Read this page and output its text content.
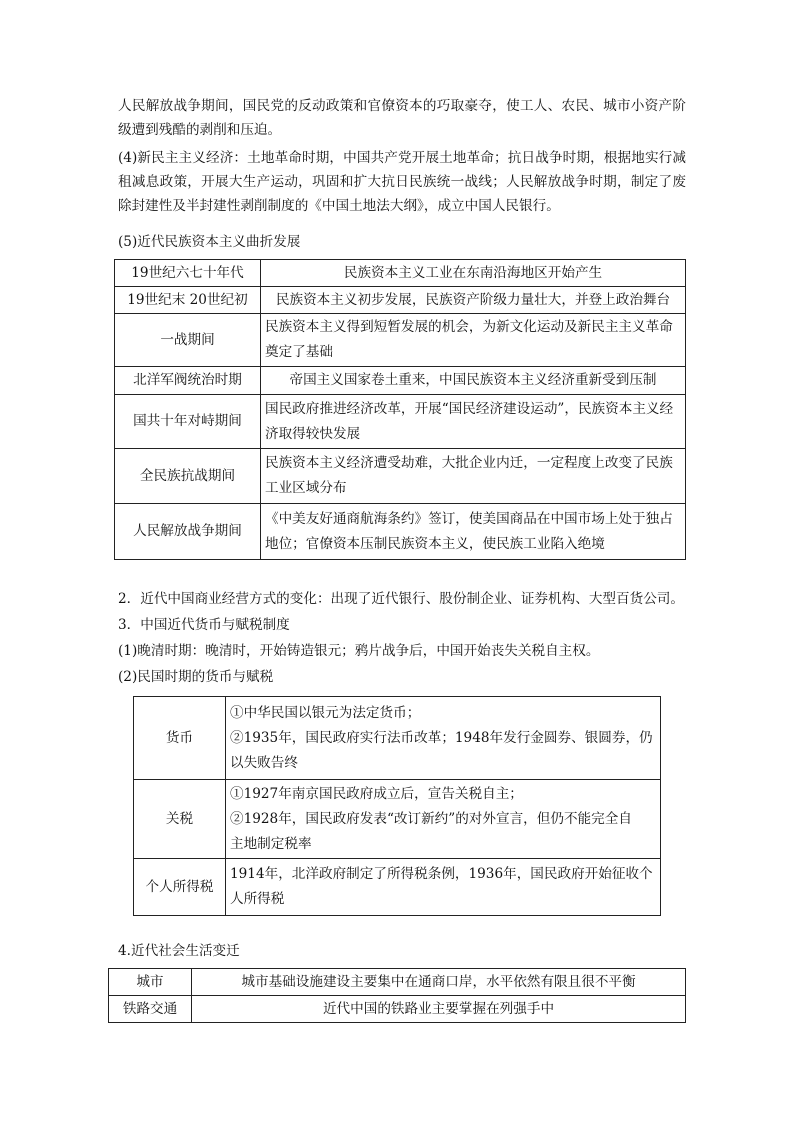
人民解放战争期间，国民党的反动政策和官僚资本的巧取豪夺，使工人、农民、城市小资产阶级遭到残酷的剥削和压迫。

(4)新民主主义经济：土地革命时期，中国共产党开展土地革命；抗日战争时期，根据地实行减租减息政策，开展大生产运动，巩固和扩大抗日民族统一战线；人民解放战争时期，制定了废除封建性及半封建性剥削制度的《中国土地法大纲》，成立中国人民银行。

(5)近代民族资本主义曲折发展

19世纪六七十年代	民族资本主义工业在东南沿海地区开始产生
19世纪末 20世纪初	民族资本主义初步发展，民族资产阶级力量壮大，并登上政治舞台
一战期间	民族资本主义得到短暂发展的机会，为新文化运动及新民主主义革命奠定了基础
北洋军阀统治时期	帝国主义国家卷土重来，中国民族资本主义经济重新受到压制
国共十年对峙期间	国民政府推进经济改革，开展“国民经济建设运动”，民族资本主义经济取得较快发展
全民族抗战期间	民族资本主义经济遭受劫难，大批企业内迁，一定程度上改变了民族工业区域分布
人民解放战争期间	《中美友好通商航海条约》签订，使美国商品在中国市场上处于独占地位；官僚资本压制民族资本主义，使民族工业陷入绝境

2．近代中国商业经营方式的变化：出现了近代银行、股份制企业、证券机构、大型百货公司。

3．中国近代货币与赋税制度

(1)晚清时期：晚清时，开始铸造银元；鸦片战争后，中国开始丧失关税自主权。

(2)民国时期的货币与赋税

货币	①中华民国以银元为法定货币；
②1935年，国民政府实行法币改革；1948年发行金圆券、银圆券，仍
以失败告终

关税	①1927年南京国民政府成立后，宣告关税自主；
②1928年，国民政府发表“改订新约”的对外宣言，但仍不能完全自
主地制定税率

个人所得税	1914年，北洋政府制定了所得税条例，1936年，国民政府开始征收个
人所得税

4.近代社会生活变迁

城市	城市基础设施建设主要集中在通商口岸，水平依然有限且很不平衡
铁路交通	近代中国的铁路业主要掌握在列强手中
